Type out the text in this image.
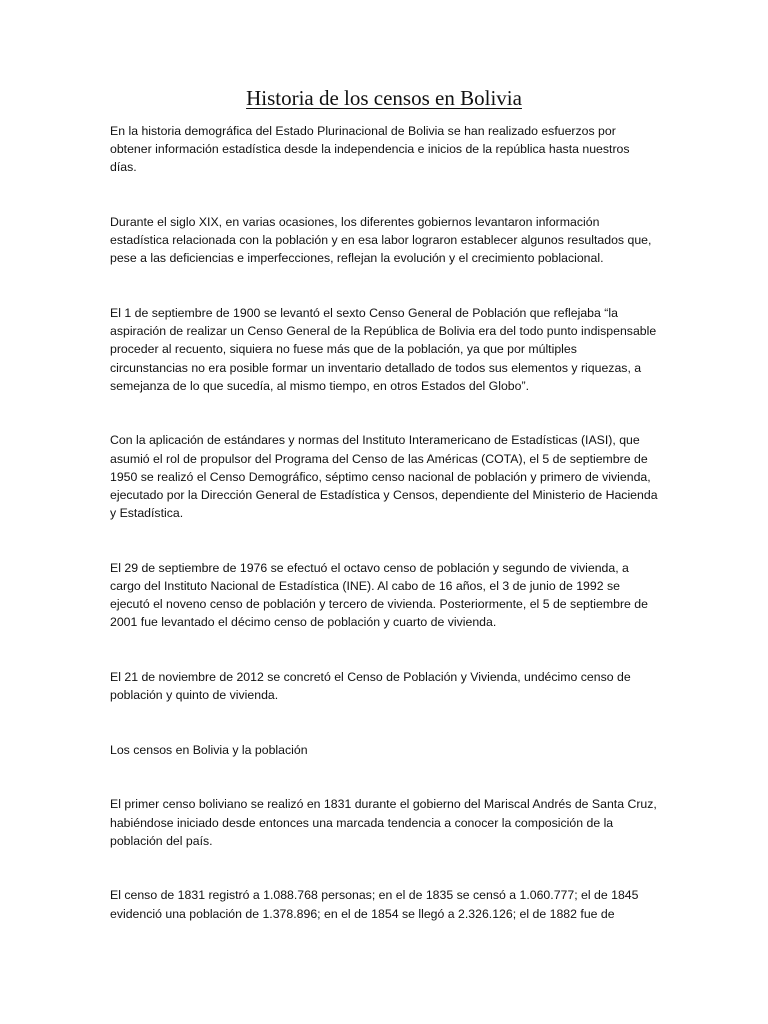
Historia de los censos en Bolivia

En la historia demográfica del Estado Plurinacional de Bolivia se han realizado esfuerzos por obtener información estadística desde la independencia e inicios de la república hasta nuestros días.

Durante el siglo XIX, en varias ocasiones, los diferentes gobiernos levantaron información estadística relacionada con la población y en esa labor lograron establecer algunos resultados que, pese a las deficiencias e imperfecciones, reflejan la evolución y el crecimiento poblacional.

El 1 de septiembre de 1900 se levantó el sexto Censo General de Población que reflejaba “la aspiración de realizar un Censo General de la República de Bolivia era del todo punto indispensable proceder al recuento, siquiera no fuese más que de la población, ya que por múltiples circunstancias no era posible formar un inventario detallado de todos sus elementos y riquezas, a semejanza de lo que sucedía, al mismo tiempo, en otros Estados del Globo”.

Con la aplicación de estándares y normas del Instituto Interamericano de Estadísticas (IASI), que asumió el rol de propulsor del Programa del Censo de las Américas (COTA), el 5 de septiembre de 1950 se realizó el Censo Demográfico, séptimo censo nacional de población y primero de vivienda, ejecutado por la Dirección General de Estadística y Censos, dependiente del Ministerio de Hacienda y Estadística.

El 29 de septiembre de 1976 se efectuó el octavo censo de población y segundo de vivienda, a cargo del Instituto Nacional de Estadística (INE). Al cabo de 16 años, el 3 de junio de 1992 se ejecutó el noveno censo de población y tercero de vivienda. Posteriormente, el 5 de septiembre de 2001 fue levantado el décimo censo de población y cuarto de vivienda.

El 21 de noviembre de 2012 se concretó el Censo de Población y Vivienda, undécimo censo de población y quinto de vivienda.

Los censos en Bolivia y la población

El primer censo boliviano se realizó en 1831 durante el gobierno del Mariscal Andrés de Santa Cruz, habiéndose iniciado desde entonces una marcada tendencia a conocer la composición de la población del país.

El censo de 1831 registró a 1.088.768 personas; en el de 1835 se censó a 1.060.777; el de 1845 evidenció una población de 1.378.896; en el de 1854 se llegó a 2.326.126; el de 1882 fue de
